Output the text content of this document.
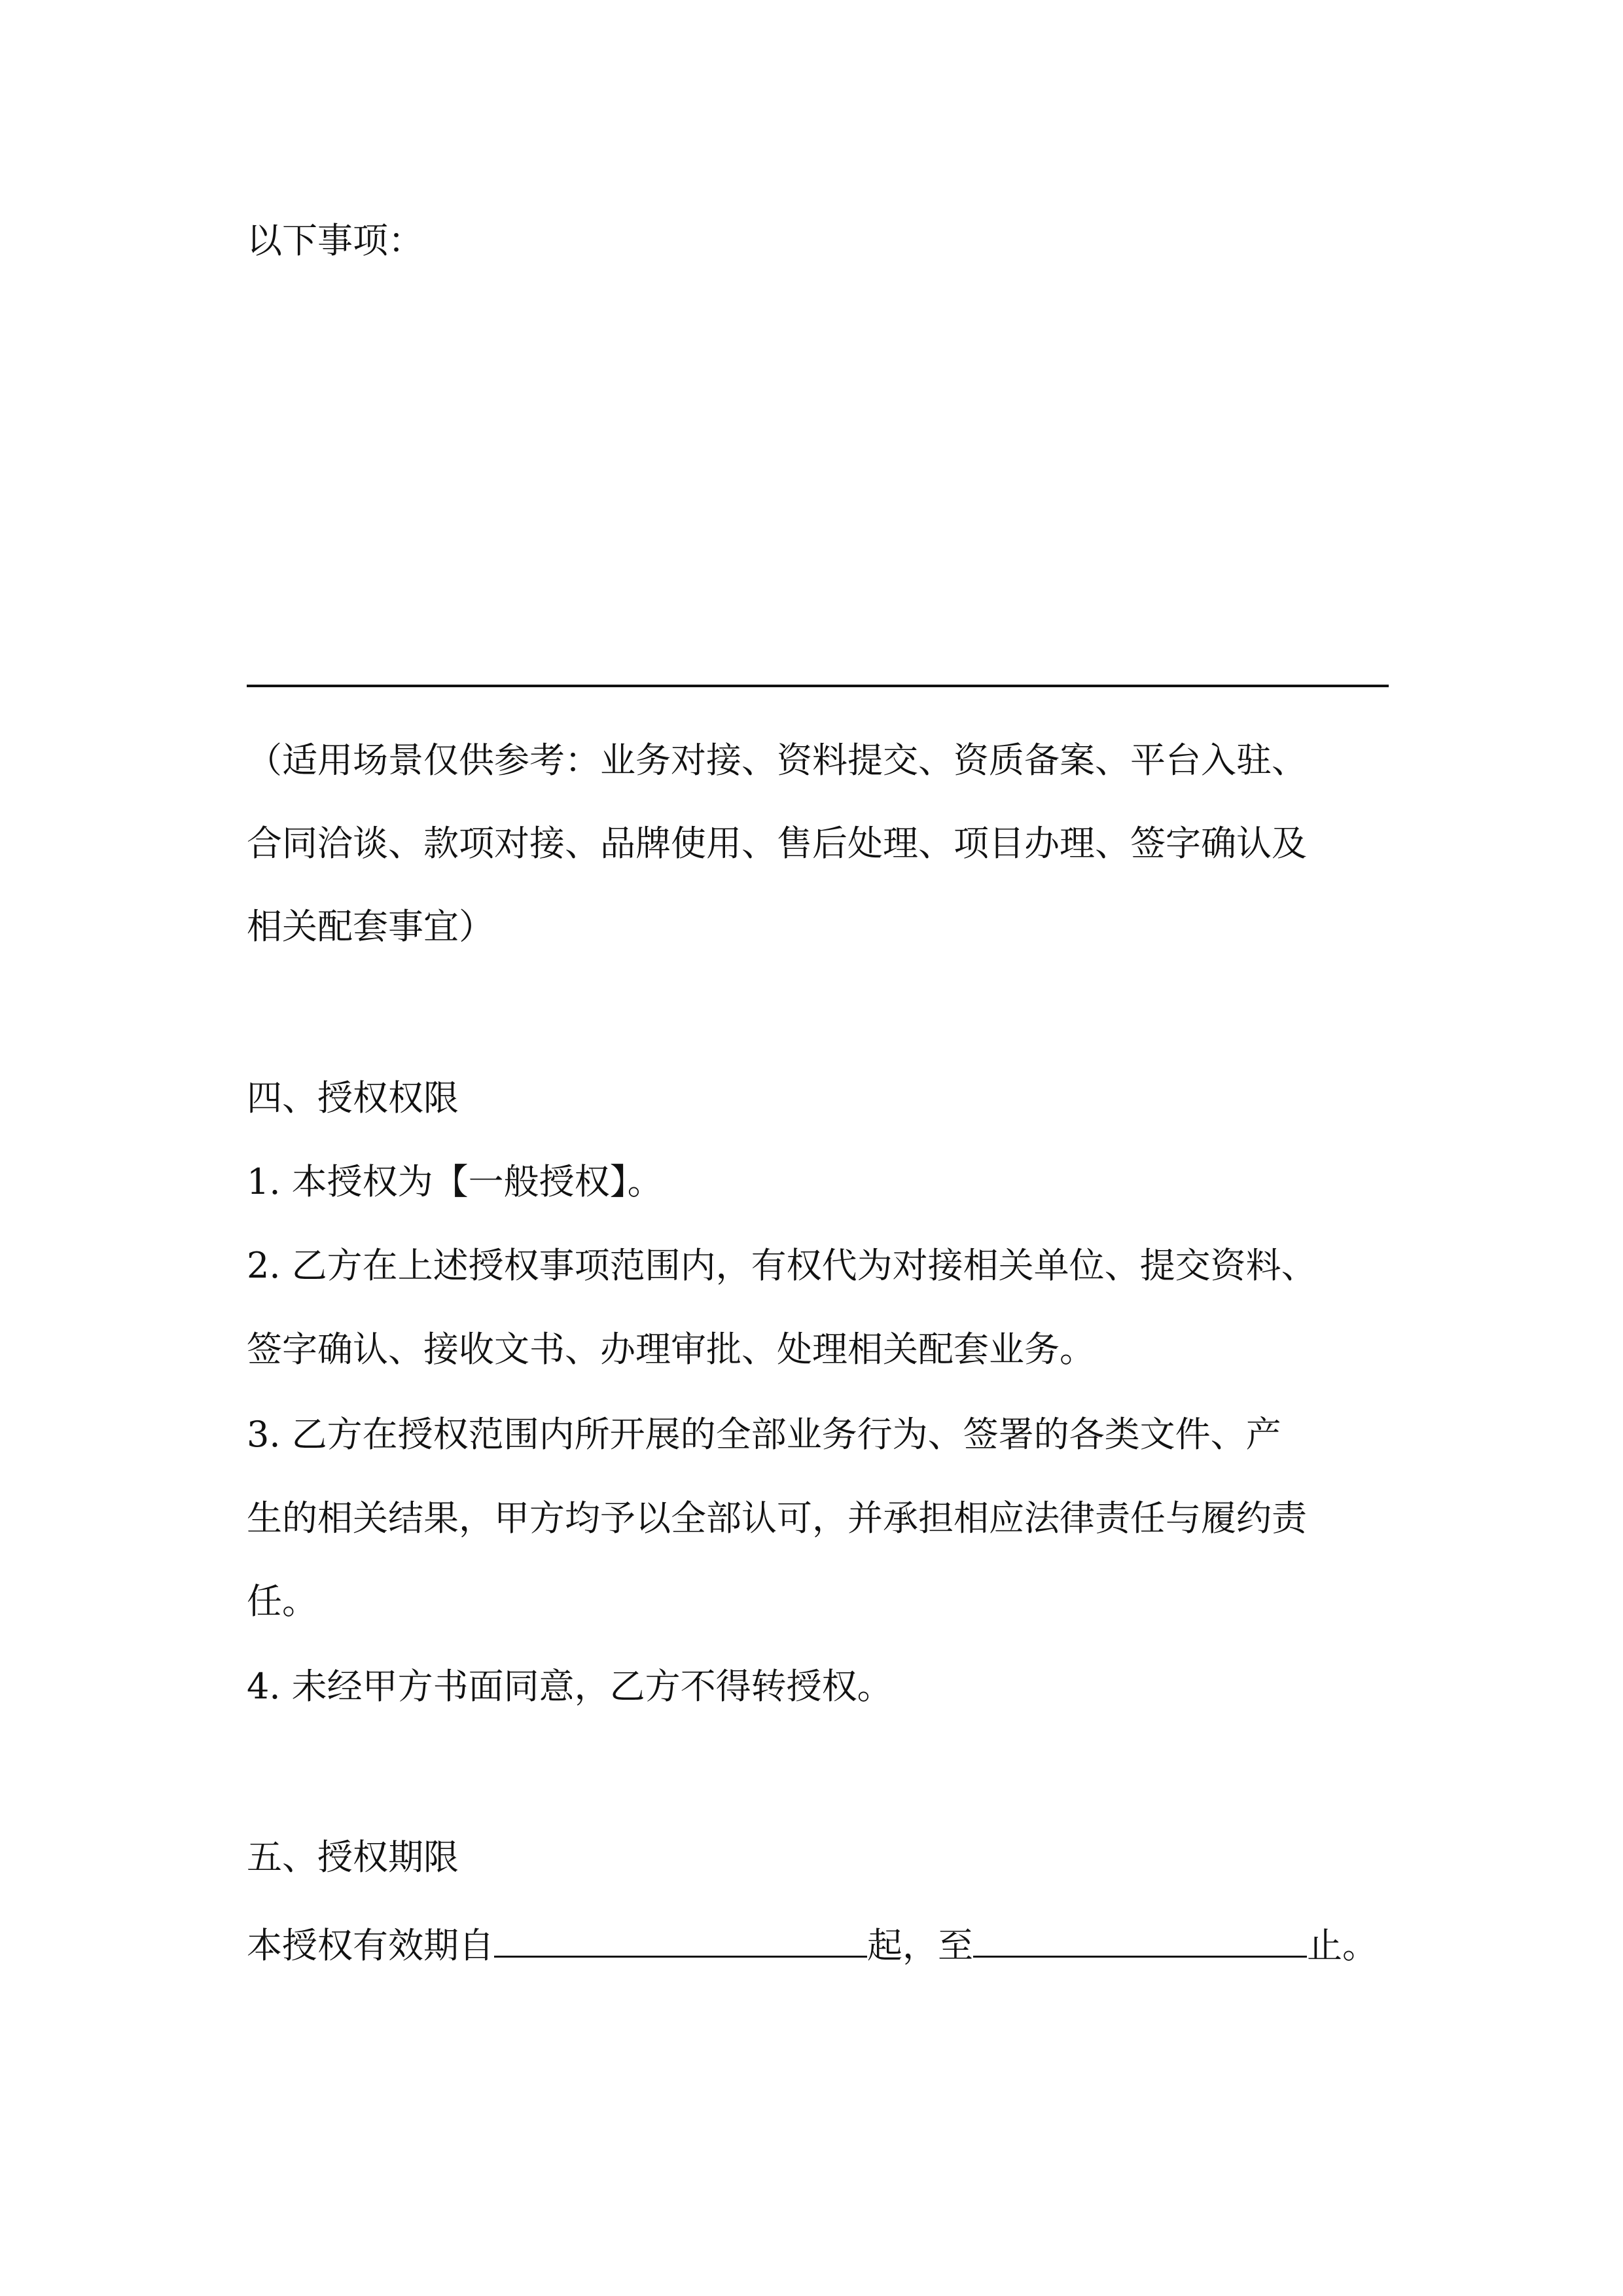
以下事项：
（适用场景仅供参考：业务对接、资料提交、资质备案、平台入驻、
合同洽谈、款项对接、品牌使用、售后处理、项目办理、签字确认及
相关配套事宜）
四、授权权限
1. 本授权为【一般授权】。
2. 乙方在上述授权事项范围内，有权代为对接相关单位、提交资料、
签字确认、接收文书、办理审批、处理相关配套业务。
3. 乙方在授权范围内所开展的全部业务行为、签署的各类文件、产
生的相关结果，甲方均予以全部认可，并承担相应法律责任与履约责
任。
4. 未经甲方书面同意，乙方不得转授权。
五、授权期限
本授权有效期自	起，至	止。
